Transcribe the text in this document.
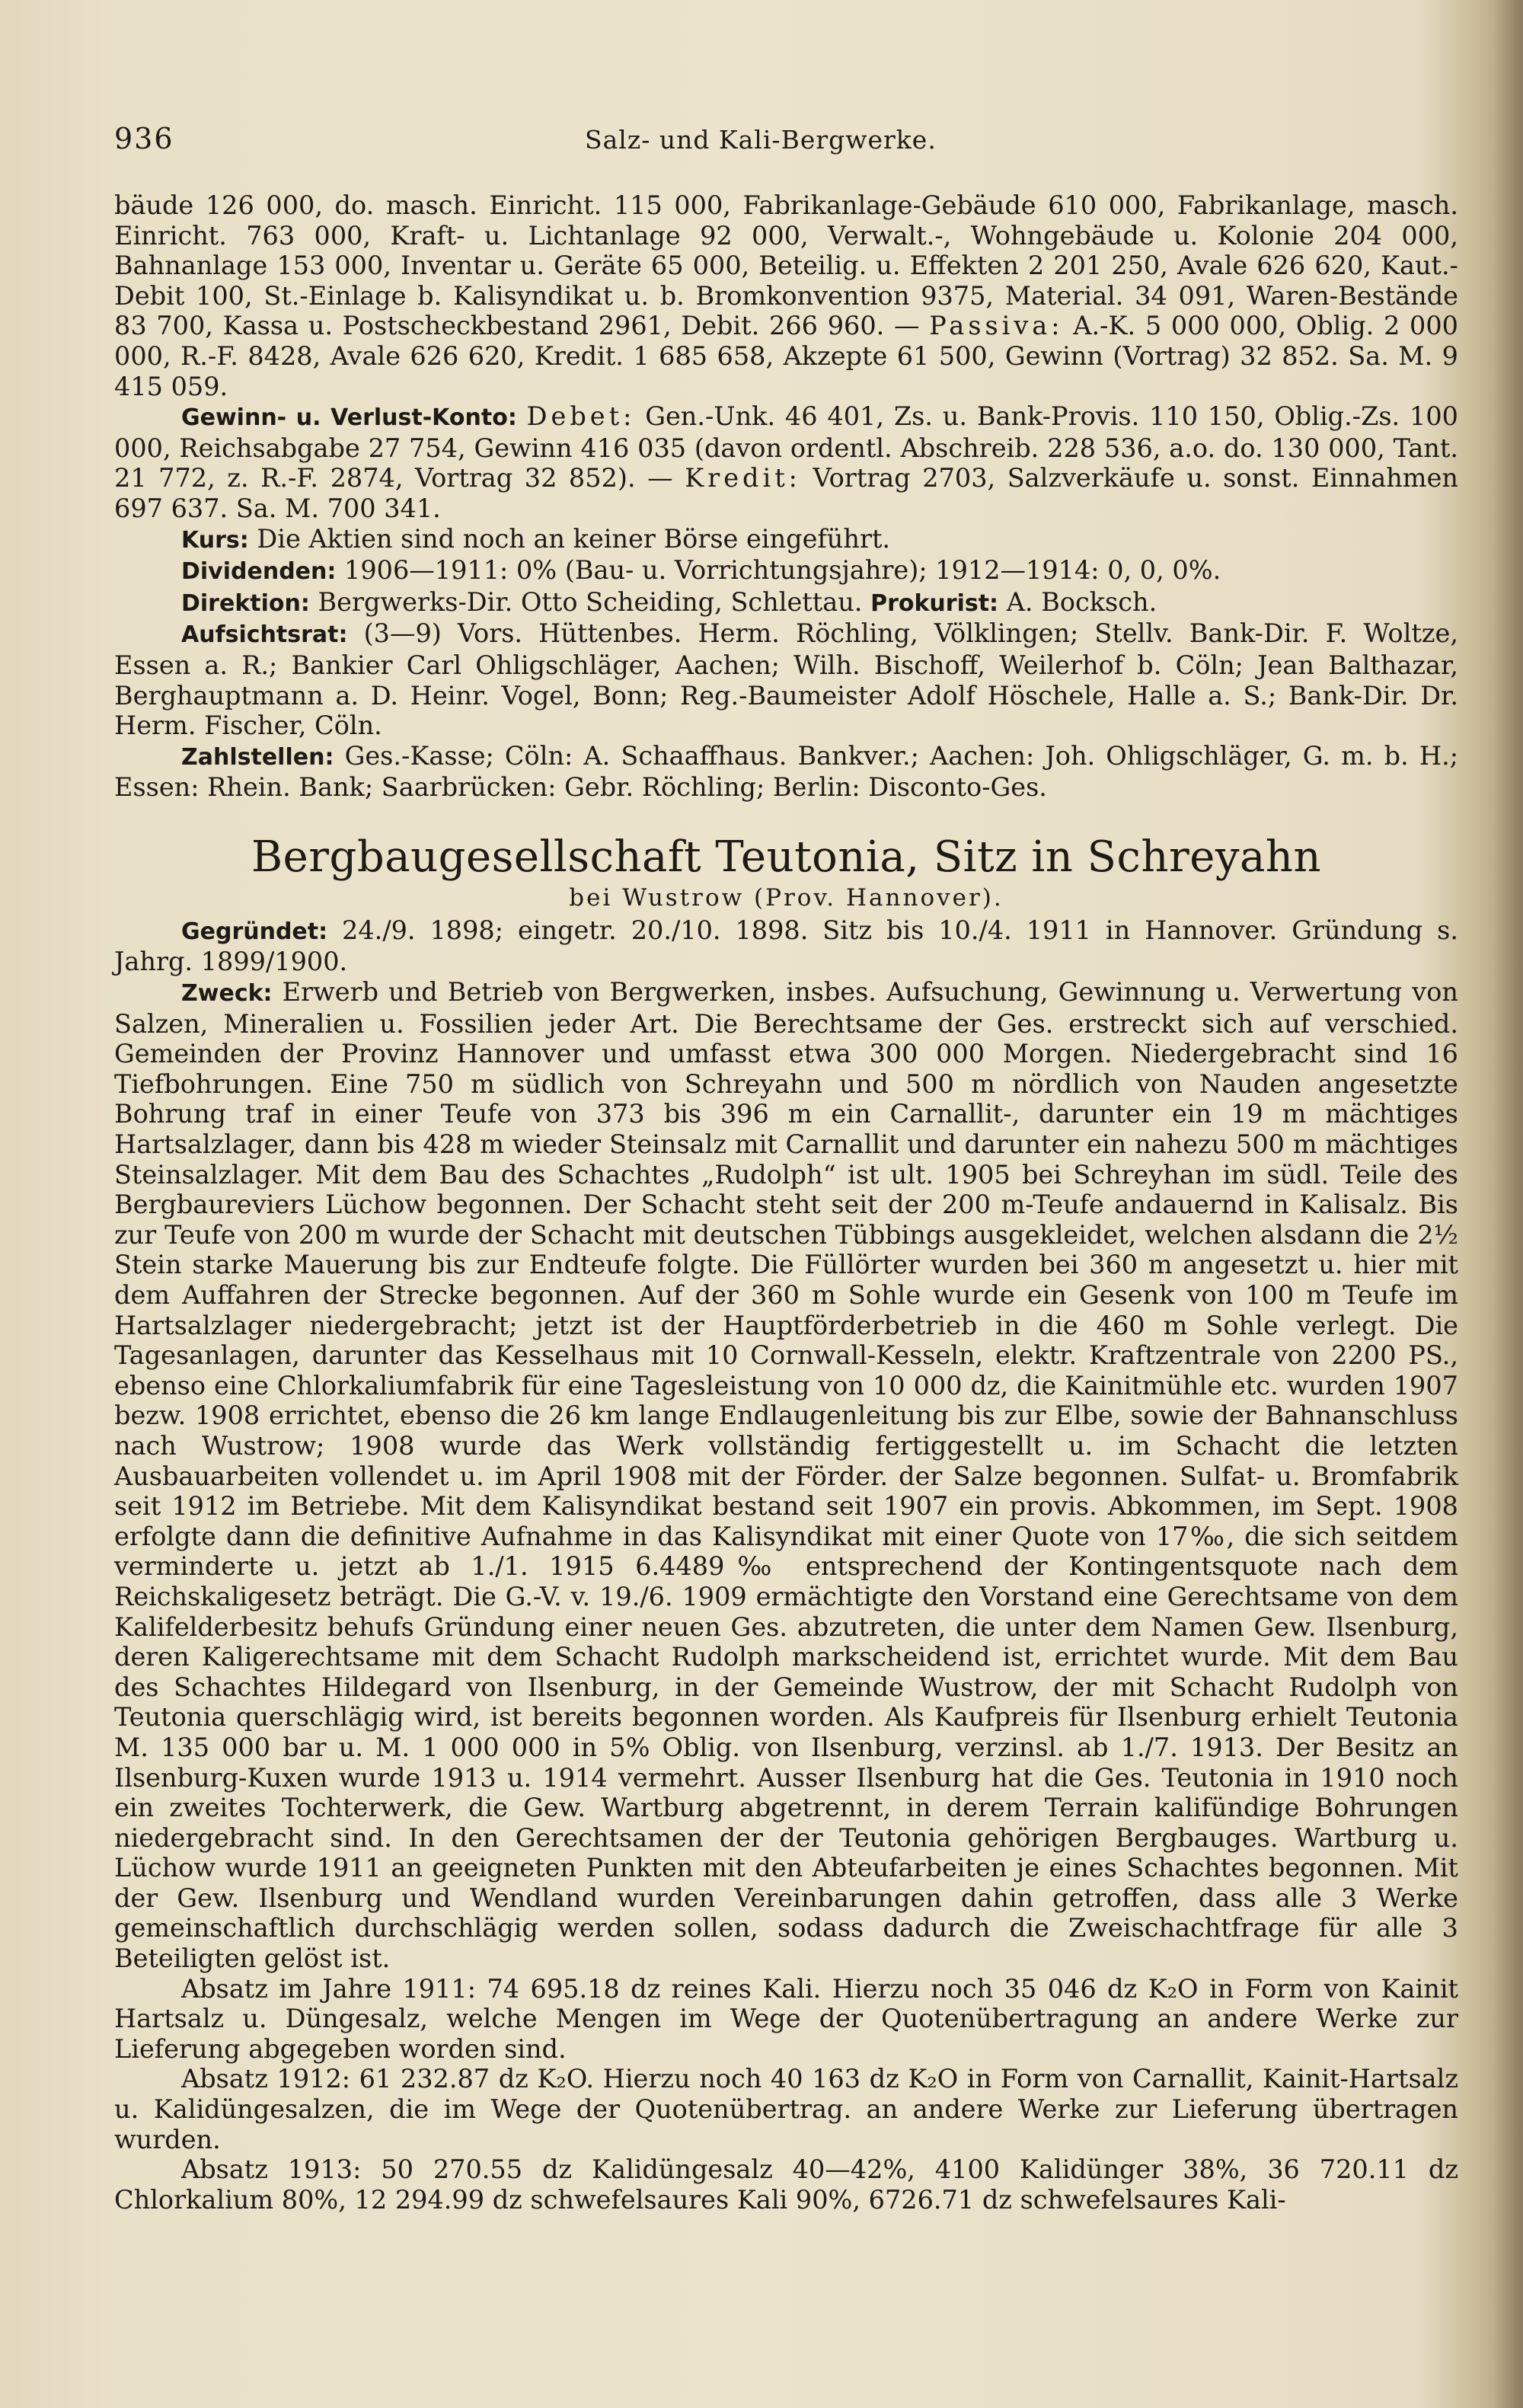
936	Salz- und Kali-Bergwerke.

bäude 126 000, do. masch. Einricht. 115 000, Fabrikanlage-Gebäude 610 000, Fabrikanlage, masch. Einricht. 763 000, Kraft- u. Lichtanlage 92 000, Verwalt.-, Wohngebäude u. Kolonie 204 000, Bahnanlage 153 000, Inventar u. Geräte 65 000, Beteilig. u. Effekten 2 201 250, Avale 626 620, Kaut.-Debit 100, St.-Einlage b. Kalisyndikat u. b. Bromkonvention 9375, Material. 34 091, Waren-Bestände 83 700, Kassa u. Postscheckbestand 2961, Debit. 266 960. — Passiva: A.-K. 5 000 000, Oblig. 2 000 000, R.-F. 8428, Avale 626 620, Kredit. 1 685 658, Akzepte 61 500, Gewinn (Vortrag) 32 852. Sa. M. 9 415 059.

Gewinn- u. Verlust-Konto: Debet: Gen.-Unk. 46 401, Zs. u. Bank-Provis. 110 150, Oblig.-Zs. 100 000, Reichsabgabe 27 754, Gewinn 416 035 (davon ordentl. Abschreib. 228 536, a.o. do. 130 000, Tant. 21 772, z. R.-F. 2874, Vortrag 32 852). — Kredit: Vortrag 2703, Salzverkäufe u. sonst. Einnahmen 697 637. Sa. M. 700 341.

Kurs: Die Aktien sind noch an keiner Börse eingeführt.

Dividenden: 1906—1911: 0% (Bau- u. Vorrichtungsjahre); 1912—1914: 0, 0, 0%.

Direktion: Bergwerks-Dir. Otto Scheiding, Schlettau. Prokurist: A. Bocksch.

Aufsichtsrat: (3—9) Vors. Hüttenbes. Herm. Röchling, Völklingen; Stellv. Bank-Dir. F. Woltze, Essen a. R.; Bankier Carl Ohligschläger, Aachen; Wilh. Bischoff, Weilerhof b. Cöln; Jean Balthazar, Berghauptmann a. D. Heinr. Vogel, Bonn; Reg.-Baumeister Adolf Höschele, Halle a. S.; Bank-Dir. Dr. Herm. Fischer, Cöln.

Zahlstellen: Ges.-Kasse; Cöln: A. Schaaffhaus. Bankver.; Aachen: Joh. Ohligschläger, G. m. b. H.; Essen: Rhein. Bank; Saarbrücken: Gebr. Röchling; Berlin: Disconto-Ges.

Bergbaugesellschaft Teutonia, Sitz in Schreyahn
bei Wustrow (Prov. Hannover).

Gegründet: 24./9. 1898; eingetr. 20./10. 1898. Sitz bis 10./4. 1911 in Hannover. Gründung s. Jahrg. 1899/1900.

Zweck: Erwerb und Betrieb von Bergwerken, insbes. Aufsuchung, Gewinnung u. Verwertung von Salzen, Mineralien u. Fossilien jeder Art. Die Berechtsame der Ges. erstreckt sich auf verschied. Gemeinden der Provinz Hannover und umfasst etwa 300 000 Morgen. Niedergebracht sind 16 Tiefbohrungen. Eine 750 m südlich von Schreyahn und 500 m nördlich von Nauden angesetzte Bohrung traf in einer Teufe von 373 bis 396 m ein Carnallit-, darunter ein 19 m mächtiges Hartsalzlager, dann bis 428 m wieder Steinsalz mit Carnallit und darunter ein nahezu 500 m mächtiges Steinsalzlager. Mit dem Bau des Schachtes „Rudolph“ ist ult. 1905 bei Schreyhan im südl. Teile des Bergbaureviers Lüchow begonnen. Der Schacht steht seit der 200 m-Teufe andauernd in Kalisalz. Bis zur Teufe von 200 m wurde der Schacht mit deutschen Tübbings ausgekleidet, welchen alsdann die 2½ Stein starke Mauerung bis zur Endteufe folgte. Die Füllörter wurden bei 360 m angesetzt u. hier mit dem Auffahren der Strecke begonnen. Auf der 360 m Sohle wurde ein Gesenk von 100 m Teufe im Hartsalzlager niedergebracht; jetzt ist der Hauptförderbetrieb in die 460 m Sohle verlegt. Die Tagesanlagen, darunter das Kesselhaus mit 10 Cornwall-Kesseln, elektr. Kraftzentrale von 2200 PS., ebenso eine Chlorkaliumfabrik für eine Tagesleistung von 10 000 dz, die Kainitmühle etc. wurden 1907 bezw. 1908 errichtet, ebenso die 26 km lange Endlaugenleitung bis zur Elbe, sowie der Bahnanschluss nach Wustrow; 1908 wurde das Werk vollständig fertiggestellt u. im Schacht die letzten Ausbauarbeiten vollendet u. im April 1908 mit der Förder. der Salze begonnen. Sulfat- u. Bromfabrik seit 1912 im Betriebe. Mit dem Kalisyndikat bestand seit 1907 ein provis. Abkommen, im Sept. 1908 erfolgte dann die definitive Aufnahme in das Kalisyndikat mit einer Quote von 17‰, die sich seitdem verminderte u. jetzt ab 1./1. 1915 6.4489‰ entsprechend der Kontingentsquote nach dem Reichskaligesetz beträgt. Die G.-V. v. 19./6. 1909 ermächtigte den Vorstand eine Gerechtsame von dem Kalifelderbesitz behufs Gründung einer neuen Ges. abzutreten, die unter dem Namen Gew. Ilsenburg, deren Kaligerechtsame mit dem Schacht Rudolph markscheidend ist, errichtet wurde. Mit dem Bau des Schachtes Hildegard von Ilsenburg, in der Gemeinde Wustrow, der mit Schacht Rudolph von Teutonia querschlägig wird, ist bereits begonnen worden. Als Kaufpreis für Ilsenburg erhielt Teutonia M. 135 000 bar u. M. 1 000 000 in 5% Oblig. von Ilsenburg, verzinsl. ab 1./7. 1913. Der Besitz an Ilsenburg-Kuxen wurde 1913 u. 1914 vermehrt. Ausser Ilsenburg hat die Ges. Teutonia in 1910 noch ein zweites Tochterwerk, die Gew. Wartburg abgetrennt, in derem Terrain kalifündige Bohrungen niedergebracht sind. In den Gerechtsamen der der Teutonia gehörigen Bergbauges. Wartburg u. Lüchow wurde 1911 an geeigneten Punkten mit den Abteufarbeiten je eines Schachtes begonnen. Mit der Gew. Ilsenburg und Wendland wurden Vereinbarungen dahin getroffen, dass alle 3 Werke gemeinschaftlich durchschlägig werden sollen, sodass dadurch die Zweischachtfrage für alle 3 Beteiligten gelöst ist.

Absatz im Jahre 1911: 74 695.18 dz reines Kali. Hierzu noch 35 046 dz K₂O in Form von Kainit Hartsalz u. Düngesalz, welche Mengen im Wege der Quotenübertragung an andere Werke zur Lieferung abgegeben worden sind.

Absatz 1912: 61 232.87 dz K₂O. Hierzu noch 40 163 dz K₂O in Form von Carnallit, Kainit-Hartsalz u. Kalidüngesalzen, die im Wege der Quotenübertrag. an andere Werke zur Lieferung übertragen wurden.

Absatz 1913: 50 270.55 dz Kalidüngesalz 40—42%, 4100 Kalidünger 38%, 36 720.11 dz Chlorkalium 80%, 12 294.99 dz schwefelsaures Kali 90%, 6726.71 dz schwefelsaures Kali-
